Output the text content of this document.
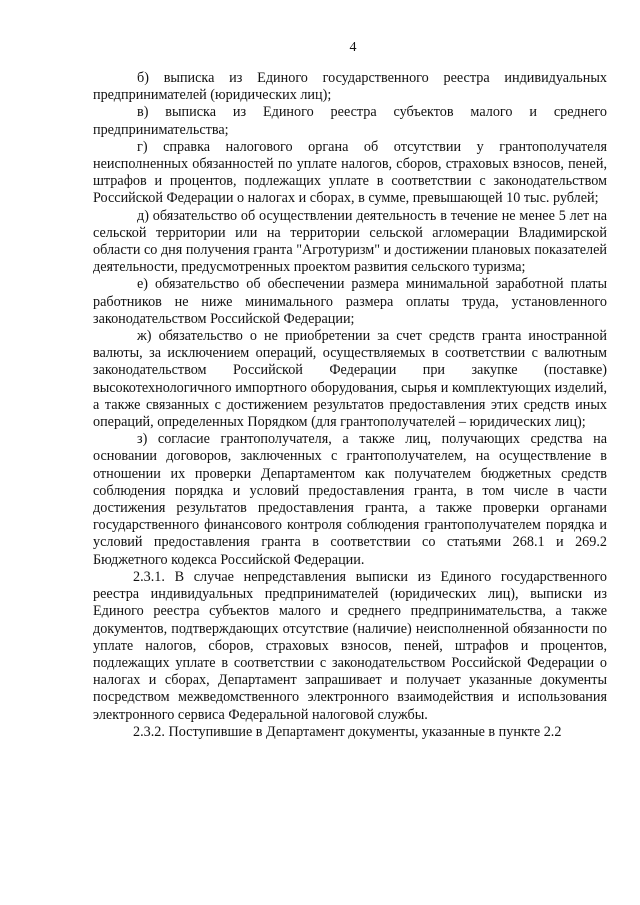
4

б) выписка из Единого государственного реестра индивидуальных предпринимателей (юридических лиц);

в) выписка из Единого реестра субъектов малого и среднего предпринимательства;

г) справка налогового органа об отсутствии у грантополучателя неисполненных обязанностей по уплате налогов, сборов, страховых взносов, пеней, штрафов и процентов, подлежащих уплате в соответствии с законодательством Российской Федерации о налогах и сборах, в сумме, превышающей 10 тыс. рублей;

д) обязательство об осуществлении деятельность в течение не менее 5 лет на сельской территории или на территории сельской агломерации Владимирской области со дня получения гранта "Агротуризм" и достижении плановых показателей деятельности, предусмотренных проектом развития сельского туризма;

е) обязательство об обеспечении размера минимальной заработной платы работников не ниже минимального размера оплаты труда, установленного законодательством Российской Федерации;

ж) обязательство о не приобретении за счет средств гранта иностранной валюты, за исключением операций, осуществляемых в соответствии с валютным законодательством Российской Федерации при закупке (поставке) высокотехнологичного импортного оборудования, сырья и комплектующих изделий, а также связанных с достижением результатов предоставления этих средств иных операций, определенных Порядком (для грантополучателей – юридических лиц);

з) согласие грантополучателя, а также лиц, получающих средства на основании договоров, заключенных с грантополучателем, на осуществление в отношении их проверки Департаментом как получателем бюджетных средств соблюдения порядка и условий предоставления гранта, в том числе в части достижения результатов предоставления гранта, а также проверки органами государственного финансового контроля соблюдения грантополучателем порядка и условий предоставления гранта в соответствии со статьями 268.1 и 269.2 Бюджетного кодекса Российской Федерации.

2.3.1. В случае непредставления выписки из Единого государственного реестра индивидуальных предпринимателей (юридических лиц), выписки из Единого реестра субъектов малого и среднего предпринимательства, а также документов, подтверждающих отсутствие (наличие) неисполненной обязанности по уплате налогов, сборов, страховых взносов, пеней, штрафов и процентов, подлежащих уплате в соответствии с законодательством Российской Федерации о налогах и сборах, Департамент запрашивает и получает указанные документы посредством межведомственного электронного взаимодействия и использования электронного сервиса Федеральной налоговой службы.

2.3.2. Поступившие в Департамент документы, указанные в пункте 2.2
